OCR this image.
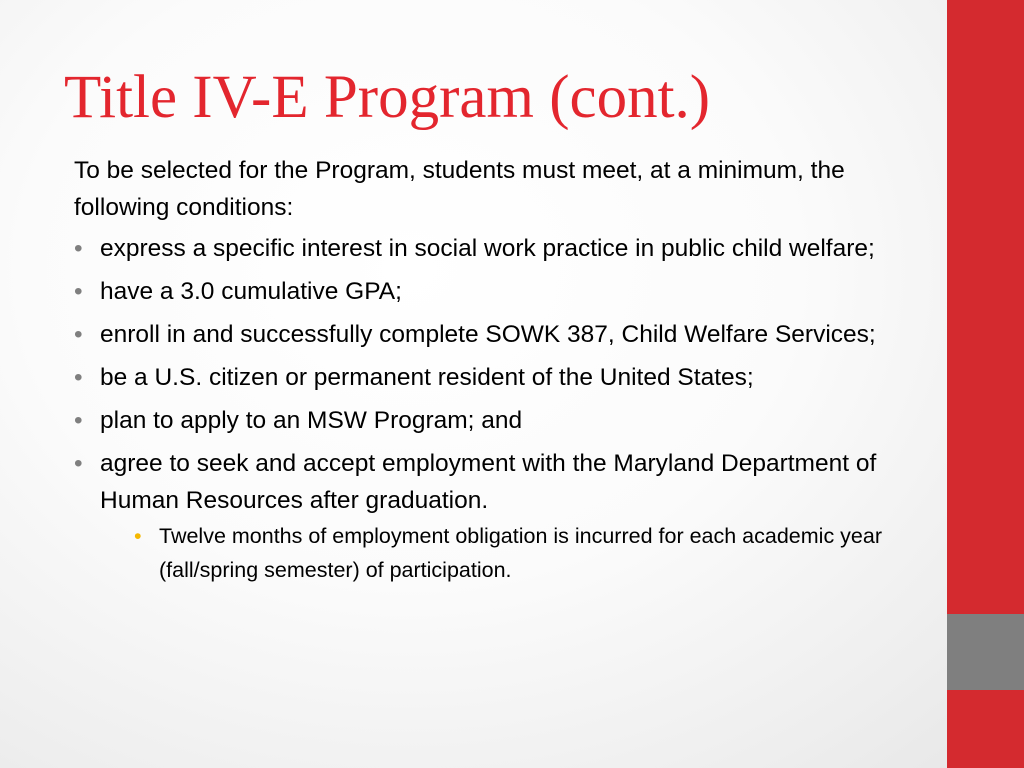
Title IV-E Program (cont.)

To be selected for the Program, students must meet, at a minimum, the following conditions:

• express a specific interest in social work practice in public child welfare;
• have a 3.0 cumulative GPA;
• enroll in and successfully complete SOWK 387, Child Welfare Services;
• be a U.S. citizen or permanent resident of the United States;
• plan to apply to an MSW Program; and
• agree to seek and accept employment with the Maryland Department of Human Resources after graduation.
• Twelve months of employment obligation is incurred for each academic year (fall/spring semester) of participation.
